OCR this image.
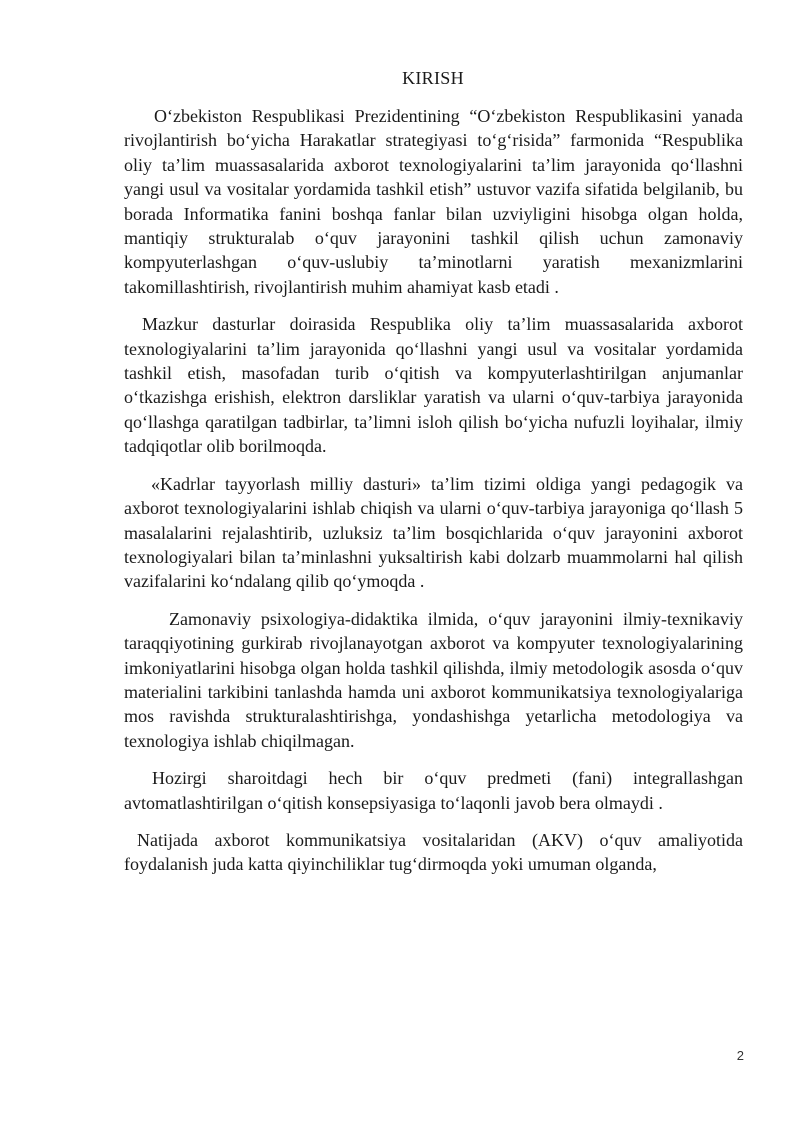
KIRISH

O‘zbekiston Respublikasi Prezidentining “O‘zbekiston Respublikasini yanada rivojlantirish bo‘yicha Harakatlar strategiyasi to‘g‘risida” farmonida “Respublika oliy ta’lim muassasalarida axborot texnologiyalarini ta’lim jarayonida qo‘llashni yangi usul va vositalar yordamida tashkil etish” ustuvor vazifa sifatida belgilanib, bu borada Informatika fanini boshqa fanlar bilan uzviyligini hisobga olgan holda, mantiqiy strukturalab o‘quv jarayonini tashkil qilish uchun zamonaviy kompyuterlashgan o‘quv-uslubiy ta’minotlarni yaratish mexanizmlarini takomillashtirish, rivojlantirish muhim ahamiyat kasb etadi .

Mazkur dasturlar doirasida Respublika oliy ta’lim muassasalarida axborot texnologiyalarini ta’lim jarayonida qo‘llashni yangi usul va vositalar yordamida tashkil etish, masofadan turib o‘qitish va kompyuterlashtirilgan anjumanlar o‘tkazishga erishish, elektron darsliklar yaratish va ularni o‘quv-tarbiya jarayonida qo‘llashga qaratilgan tadbirlar, ta’limni isloh qilish bo‘yicha nufuzli loyihalar, ilmiy tadqiqotlar olib borilmoqda.

«Kadrlar tayyorlash milliy dasturi» ta’lim tizimi oldiga yangi pedagogik va axborot texnologiyalarini ishlab chiqish va ularni o‘quv-tarbiya jarayoniga qo‘llash 5 masalalarini rejalashtirib, uzluksiz ta’lim bosqichlarida o‘quv jarayonini axborot texnologiyalari bilan ta’minlashni yuksaltirish kabi dolzarb muammolarni hal qilish vazifalarini ko‘ndalang qilib qo‘ymoqda .

Zamonaviy psixologiya-didaktika ilmida, o‘quv jarayonini ilmiy-texnikaviy taraqqiyotining gurkirab rivojlanayotgan axborot va kompyuter texnologiyalarining imkoniyatlarini hisobga olgan holda tashkil qilishda, ilmiy metodologik asosda o‘quv materialini tarkibini tanlashda hamda uni axborot kommunikatsiya texnologiyalariga mos ravishda strukturalashtirishga, yondashishga yetarlicha metodologiya va texnologiya ishlab chiqilmagan.

Hozirgi sharoitdagi hech bir o‘quv predmeti (fani) integrallashgan avtomatlashtirilgan o‘qitish konsepsiyasiga to‘laqonli javob bera olmaydi .

Natijada axborot kommunikatsiya vositalaridan (AKV) o‘quv amaliyotida foydalanish juda katta qiyinchiliklar tug‘dirmoqda yoki umuman olganda,

2
